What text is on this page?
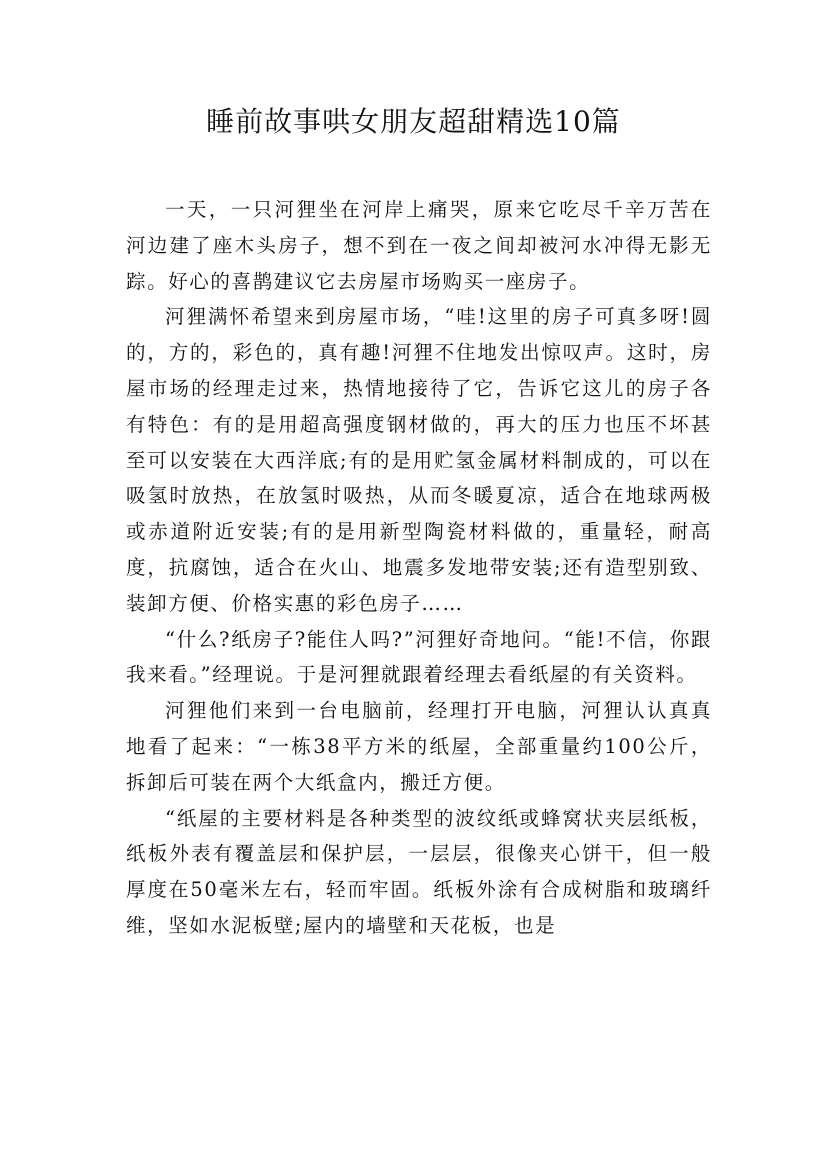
睡前故事哄女朋友超甜精选10篇

一天，一只河狸坐在河岸上痛哭，原来它吃尽千辛万苦在河边建了座木头房子，想不到在一夜之间却被河水冲得无影无踪。好心的喜鹊建议它去房屋市场购买一座房子。

河狸满怀希望来到房屋市场，“哇!这里的房子可真多呀!圆的，方的，彩色的，真有趣!河狸不住地发出惊叹声。这时，房屋市场的经理走过来，热情地接待了它，告诉它这儿的房子各有特色：有的是用超高强度钢材做的，再大的压力也压不坏甚至可以安装在大西洋底;有的是用贮氢金属材料制成的，可以在吸氢时放热，在放氢时吸热，从而冬暖夏凉，适合在地球两极或赤道附近安装;有的是用新型陶瓷材料做的，重量轻，耐高度，抗腐蚀，适合在火山、地震多发地带安装;还有造型别致、装卸方便、价格实惠的彩色房子……

“什么?纸房子?能住人吗?”河狸好奇地问。“能!不信，你跟我来看。”经理说。于是河狸就跟着经理去看纸屋的有关资料。

河狸他们来到一台电脑前，经理打开电脑，河狸认认真真地看了起来：“一栋38平方米的纸屋，全部重量约100公斤，拆卸后可装在两个大纸盒内，搬迁方便。

“纸屋的主要材料是各种类型的波纹纸或蜂窝状夹层纸板，纸板外表有覆盖层和保护层，一层层，很像夹心饼干，但一般厚度在50毫米左右，轻而牢固。纸板外涂有合成树脂和玻璃纤维，坚如水泥板壁;屋内的墙壁和天花板，也是
